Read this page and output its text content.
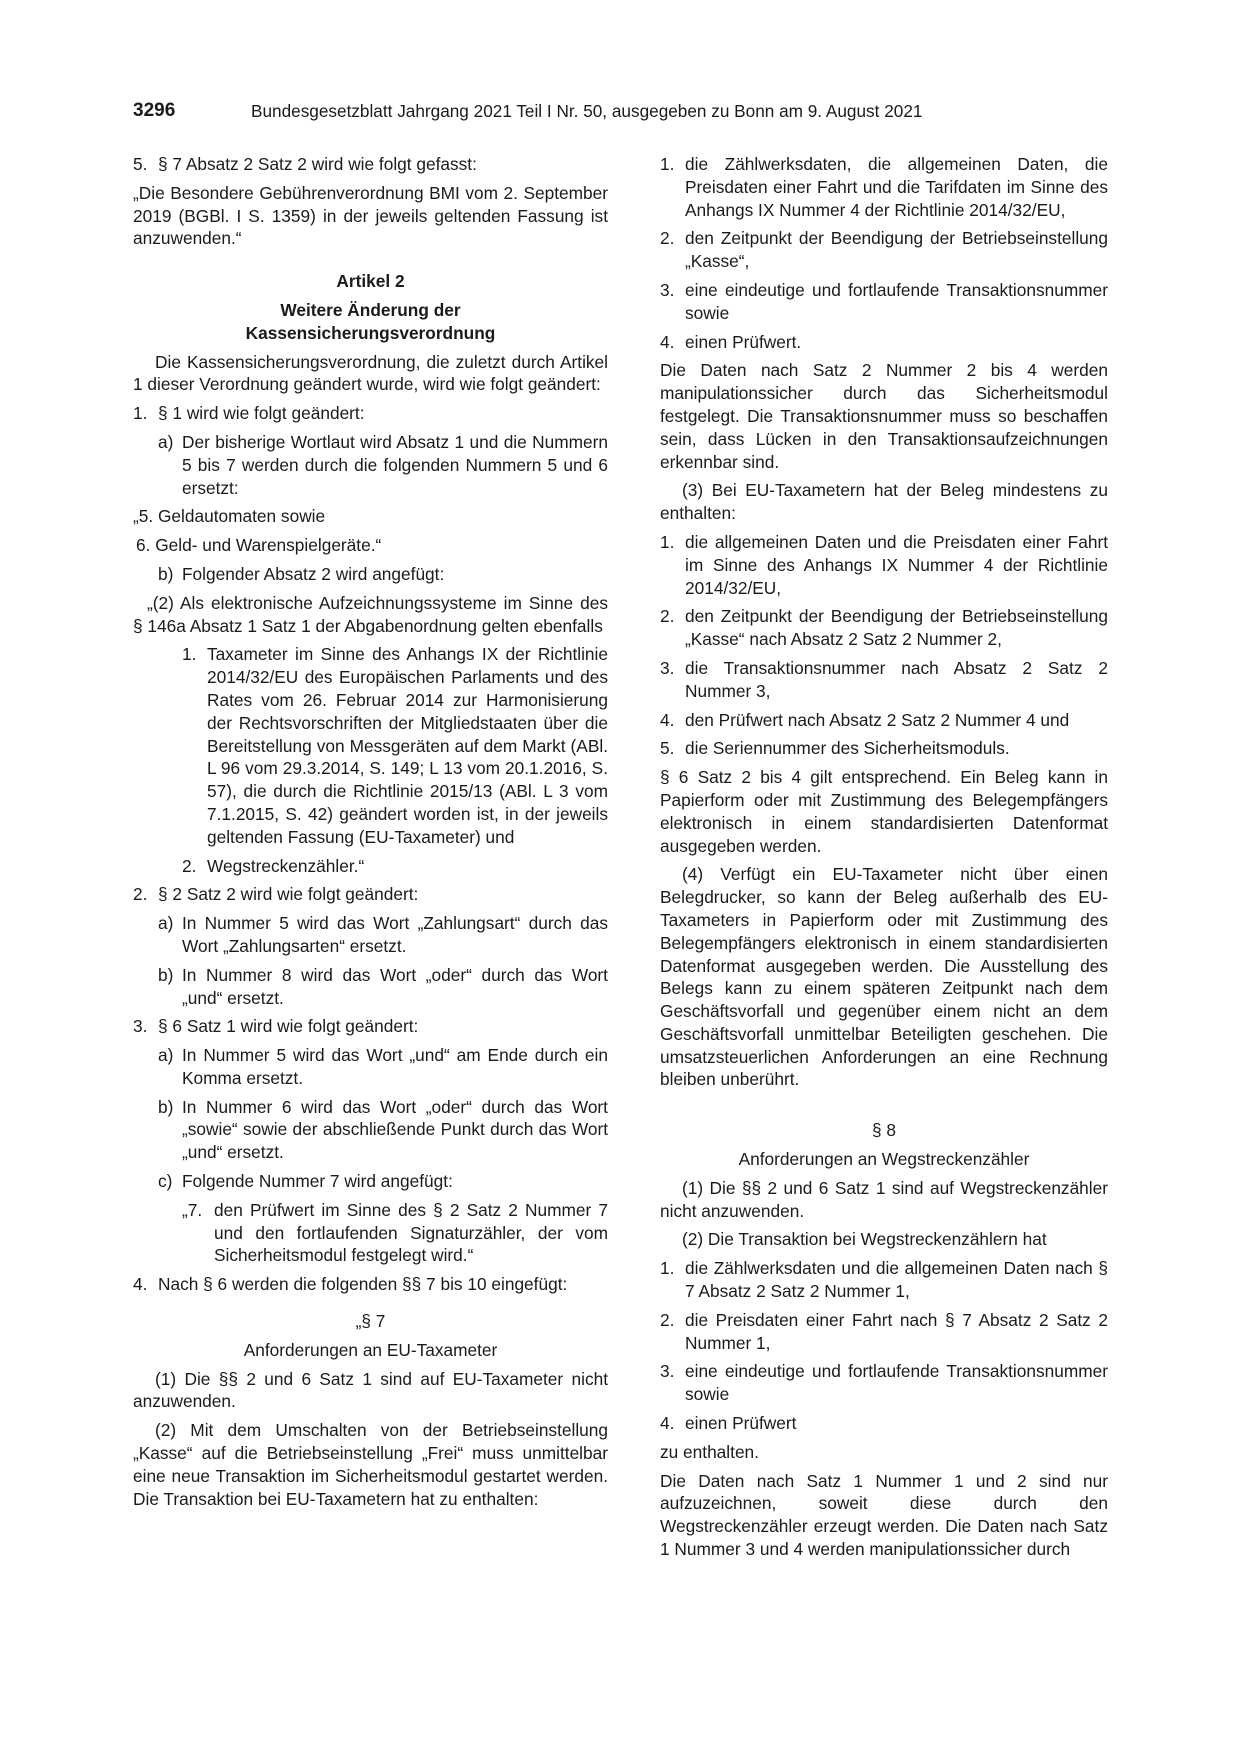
3296	Bundesgesetzblatt Jahrgang 2021 Teil I Nr. 50, ausgegeben zu Bonn am 9. August 2021
5. § 7 Absatz 2 Satz 2 wird wie folgt gefasst:

„Die Besondere Gebührenverordnung BMI vom 2. September 2019 (BGBl. I S. 1359) in der jeweils geltenden Fassung ist anzuwenden.“

Artikel 2

Weitere Änderung der

Kassensicherungsverordnung

Die Kassensicherungsverordnung, die zuletzt durch Artikel 1 dieser Verordnung geändert wurde, wird wie folgt geändert:

1. § 1 wird wie folgt geändert:
a) Der bisherige Wortlaut wird Absatz 1 und die Nummern 5 bis 7 werden durch die folgenden Nummern 5 und 6 ersetzt:

„5. Geldautomaten sowie

6. Geld- und Warenspielgeräte.“

b) Folgender Absatz 2 wird angefügt:

„(2) Als elektronische Aufzeichnungssysteme im Sinne des § 146a Absatz 1 Satz 1 der Abgabenordnung gelten ebenfalls

1. Taxameter im Sinne des Anhangs IX der Richtlinie 2014/32/EU des Europäischen Parlaments und des Rates vom 26. Februar 2014 zur Harmonisierung der Rechtsvorschriften der Mitgliedstaaten über die Bereitstellung von Messgeräten auf dem Markt (ABl. L 96 vom 29.3.2014, S. 149; L 13 vom 20.1.2016, S. 57), die durch die Richtlinie 2015/13 (ABl. L 3 vom 7.1.2015, S. 42) geändert worden ist, in der jeweils geltenden Fassung (EU-Taxameter) und
2. Wegstreckenzähler.“
2. § 2 Satz 2 wird wie folgt geändert:
a) In Nummer 5 wird das Wort „Zahlungsart“ durch das Wort „Zahlungsarten“ ersetzt.
b) In Nummer 8 wird das Wort „oder“ durch das Wort „und“ ersetzt.
3. § 6 Satz 1 wird wie folgt geändert:
a) In Nummer 5 wird das Wort „und“ am Ende durch ein Komma ersetzt.
b) In Nummer 6 wird das Wort „oder“ durch das Wort „sowie“ sowie der abschließende Punkt durch das Wort „und“ ersetzt.
c) Folgende Nummer 7 wird angefügt:
„7. den Prüfwert im Sinne des § 2 Satz 2 Nummer 7 und den fortlaufenden Signaturzähler, der vom Sicherheitsmodul festgelegt wird.“
4. Nach § 6 werden die folgenden §§ 7 bis 10 eingefügt:

„§ 7

Anforderungen an EU-Taxameter

(1) Die §§ 2 und 6 Satz 1 sind auf EU-Taxameter nicht anzuwenden.

(2) Mit dem Umschalten von der Betriebseinstellung „Kasse“ auf die Betriebseinstellung „Frei“ muss unmittelbar eine neue Transaktion im Sicherheitsmodul gestartet werden. Die Transaktion bei EU-Taxametern hat zu enthalten:

1. die Zählwerksdaten, die allgemeinen Daten, die Preisdaten einer Fahrt und die Tarifdaten im Sinne des Anhangs IX Nummer 4 der Richtlinie 2014/32/EU,
2. den Zeitpunkt der Beendigung der Betriebseinstellung „Kasse“,
3. eine eindeutige und fortlaufende Transaktionsnummer sowie
4. einen Prüfwert.

Die Daten nach Satz 2 Nummer 2 bis 4 werden manipulationssicher durch das Sicherheitsmodul festgelegt. Die Transaktionsnummer muss so beschaffen sein, dass Lücken in den Transaktionsaufzeichnungen erkennbar sind.

(3) Bei EU-Taxametern hat der Beleg mindestens zu enthalten:

1. die allgemeinen Daten und die Preisdaten einer Fahrt im Sinne des Anhangs IX Nummer 4 der Richtlinie 2014/32/EU,
2. den Zeitpunkt der Beendigung der Betriebseinstellung „Kasse“ nach Absatz 2 Satz 2 Nummer 2,
3. die Transaktionsnummer nach Absatz 2 Satz 2 Nummer 3,
4. den Prüfwert nach Absatz 2 Satz 2 Nummer 4 und
5. die Seriennummer des Sicherheitsmoduls.

§ 6 Satz 2 bis 4 gilt entsprechend. Ein Beleg kann in Papierform oder mit Zustimmung des Belegempfängers elektronisch in einem standardisierten Datenformat ausgegeben werden.

(4) Verfügt ein EU-Taxameter nicht über einen Belegdrucker, so kann der Beleg außerhalb des EU-Taxameters in Papierform oder mit Zustimmung des Belegempfängers elektronisch in einem standardisierten Datenformat ausgegeben werden. Die Ausstellung des Belegs kann zu einem späteren Zeitpunkt nach dem Geschäftsvorfall und gegenüber einem nicht an dem Geschäftsvorfall unmittelbar Beteiligten geschehen. Die umsatzsteuerlichen Anforderungen an eine Rechnung bleiben unberührt.

§ 8

Anforderungen an Wegstreckenzähler

(1) Die §§ 2 und 6 Satz 1 sind auf Wegstreckenzähler nicht anzuwenden.

(2) Die Transaktion bei Wegstreckenzählern hat

1. die Zählwerksdaten und die allgemeinen Daten nach § 7 Absatz 2 Satz 2 Nummer 1,
2. die Preisdaten einer Fahrt nach § 7 Absatz 2 Satz 2 Nummer 1,
3. eine eindeutige und fortlaufende Transaktionsnummer sowie
4. einen Prüfwert

zu enthalten.

Die Daten nach Satz 1 Nummer 1 und 2 sind nur aufzuzeichnen, soweit diese durch den Wegstreckenzähler erzeugt werden. Die Daten nach Satz 1 Nummer 3 und 4 werden manipulationssicher durch
